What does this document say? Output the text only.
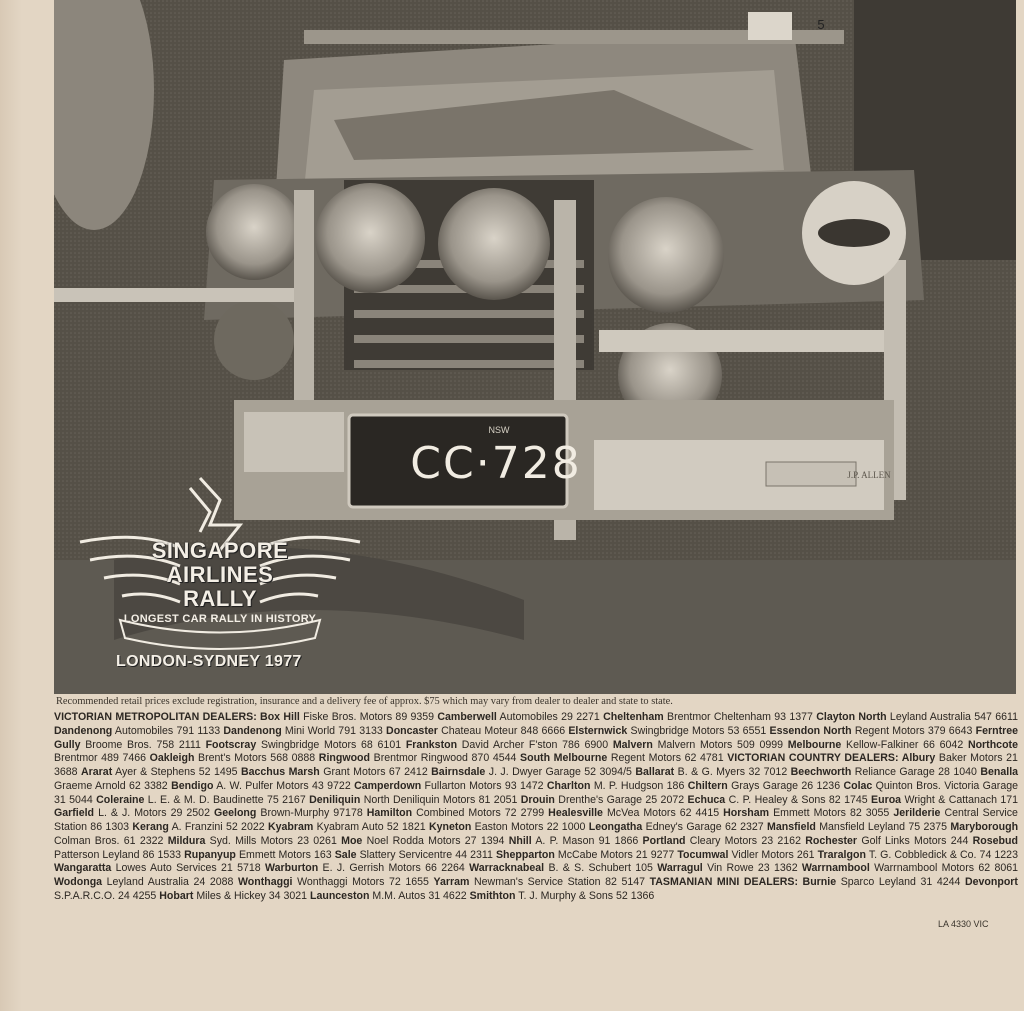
5
NSW
CC·728	J.P. ALLEN
SINGAPORE
AIRLINES
RALLY
LONGEST CAR RALLY IN HISTORY
LONDON-SYDNEY 1977
Recommended retail prices exclude registration, insurance and a delivery fee of approx. $75 which may vary from dealer to dealer and state to state.
VICTORIAN METROPOLITAN DEALERS: Box Hill Fiske Bros. Motors 89 9359 Camberwell Automobiles 29 2271 Cheltenham Brentmor Cheltenham 93 1377 Clayton North Leyland Australia 547 6611 Dandenong Automobiles 791 1133 Dandenong Mini World 791 3133 Doncaster Chateau Moteur 848 6666 Elsternwick Swingbridge Motors 53 6551 Essendon North Regent Motors 379 6643 Ferntree Gully Broome Bros. 758 2111 Footscray Swingbridge Motors 68 6101 Frankston David Archer F'ston 786 6900 Malvern Malvern Motors 509 0999 Melbourne Kellow-Falkiner 66 6042 Northcote Brentmor 489 7466 Oakleigh Brent's Motors 568 0888 Ringwood Brentmor Ringwood 870 4544 South Melbourne Regent Motors 62 4781 VICTORIAN COUNTRY DEALERS: Albury Baker Motors 21 3688 Ararat Ayer & Stephens 52 1495 Bacchus Marsh Grant Motors 67 2412 Bairnsdale J. J. Dwyer Garage 52 3094/5 Ballarat B. & G. Myers 32 7012 Beechworth Reliance Garage 28 1040 Benalla Graeme Arnold 62 3382 Bendigo A. W. Pulfer Motors 43 9722 Camperdown Fullarton Motors 93 1472 Charlton M. P. Hudgson 186 Chiltern Grays Garage 26 1236 Colac Quinton Bros. Victoria Garage 31 5044 Coleraine L. E. & M. D. Baudinette 75 2167 Deniliquin North Deniliquin Motors 81 2051 Drouin Drenthe's Garage 25 2072 Echuca C. P. Healey & Sons 82 1745 Euroa Wright & Cattanach 171 Garfield L. & J. Motors 29 2502 Geelong Brown-Murphy 97178 Hamilton Combined Motors 72 2799 Healesville McVea Motors 62 4415 Horsham Emmett Motors 82 3055 Jerilderie Central Service Station 86 1303 Kerang A. Franzini 52 2022 Kyabram Kyabram Auto 52 1821 Kyneton Easton Motors 22 1000 Leongatha Edney's Garage 62 2327 Mansfield Mansfield Leyland 75 2375 Maryborough Colman Bros. 61 2322 Mildura Syd. Mills Motors 23 0261 Moe Noel Rodda Motors 27 1394 Nhill A. P. Mason 91 1866 Portland Cleary Motors 23 2162 Rochester Golf Links Motors 244 Rosebud Patterson Leyland 86 1533 Rupanyup Emmett Motors 163 Sale Slattery Servicentre 44 2311 Shepparton McCabe Motors 21 9277 Tocumwal Vidler Motors 261 Traralgon T. G. Cobbledick & Co. 74 1223 Wangaratta Lowes Auto Services 21 5718 Warburton E. J. Gerrish Motors 66 2264 Warracknabeal B. & S. Schubert 105 Warragul Vin Rowe 23 1362 Warrnambool Warrnambool Motors 62 8061 Wodonga Leyland Australia 24 2088 Wonthaggi Wonthaggi Motors 72 1655 Yarram Newman's Service Station 82 5147 TASMANIAN MINI DEALERS: Burnie Sparco Leyland 31 4244 Devonport S.P.A.R.C.O. 24 4255 Hobart Miles & Hickey 34 3021 Launceston M.M. Autos 31 4622 Smithton T. J. Murphy & Sons 52 1366
LA 4330 VIC
